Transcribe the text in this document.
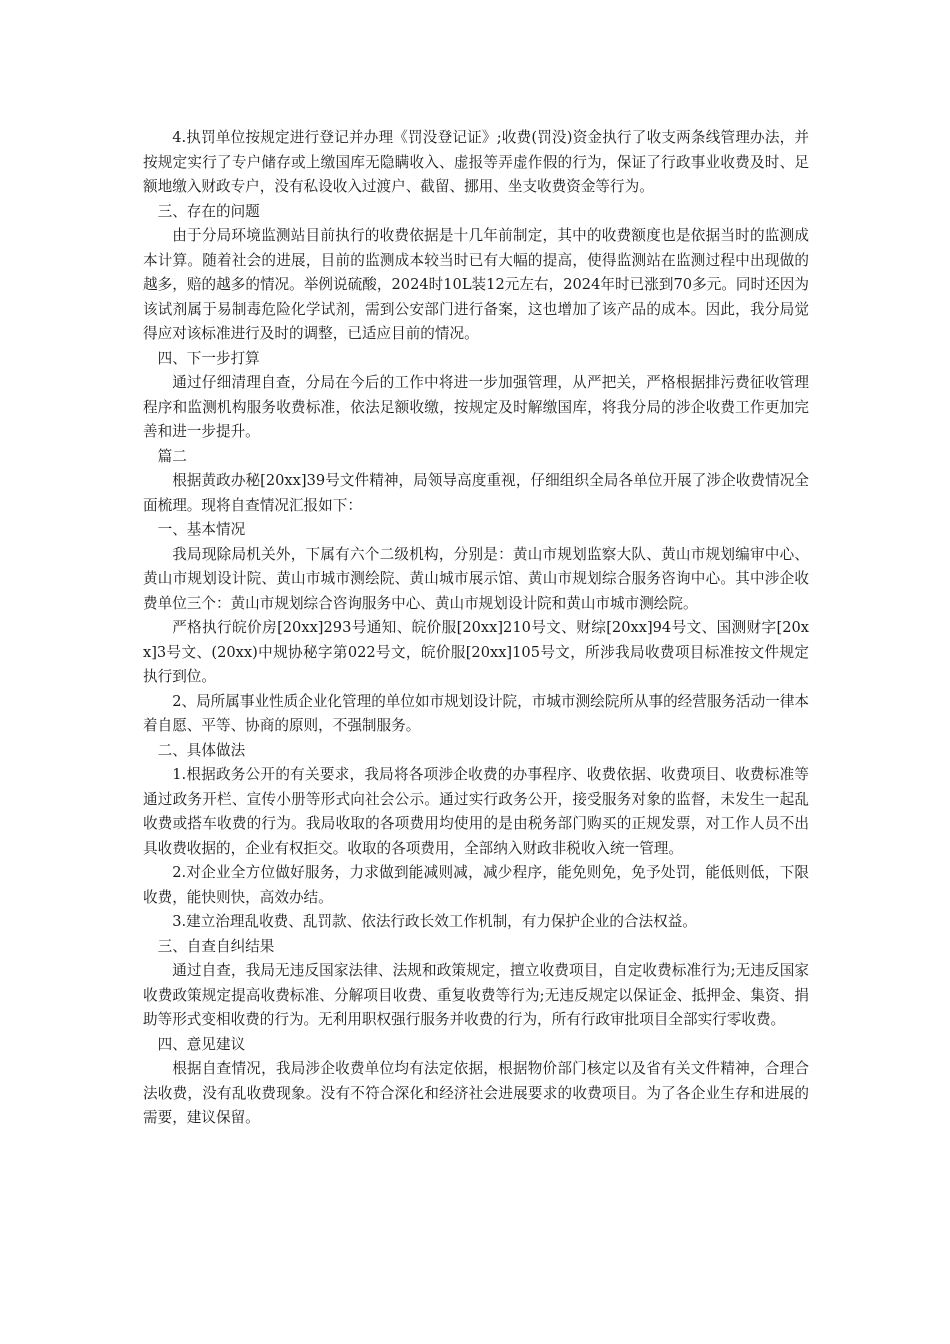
4.执罚单位按规定进行登记并办理《罚没登记证》;收费(罚没)资金执行了收支两条线管理办法，并按规定实行了专户储存或上缴国库无隐瞒收入、虚报等弄虚作假的行为，保证了行政事业收费及时、足额地缴入财政专户，没有私设收入过渡户、截留、挪用、坐支收费资金等行为。

三、存在的问题

由于分局环境监测站目前执行的收费依据是十几年前制定，其中的收费额度也是依据当时的监测成本计算。随着社会的进展，目前的监测成本较当时已有大幅的提高，使得监测站在监测过程中出现做的越多，赔的越多的情况。举例说硫酸，2024时10L装12元左右，2024年时已涨到70多元。同时还因为该试剂属于易制毒危险化学试剂，需到公安部门进行备案，这也增加了该产品的成本。因此，我分局觉得应对该标准进行及时的调整，已适应目前的情况。

四、下一步打算

通过仔细清理自查，分局在今后的工作中将进一步加强管理，从严把关，严格根据排污费征收管理程序和监测机构服务收费标准，依法足额收缴，按规定及时解缴国库，将我分局的涉企收费工作更加完善和进一步提升。

篇二

根据黄政办秘[20xx]39号文件精神，局领导高度重视，仔细组织全局各单位开展了涉企收费情况全面梳理。现将自查情况汇报如下：

一、基本情况

我局现除局机关外，下属有六个二级机构，分别是：黄山市规划监察大队、黄山市规划编审中心、黄山市规划设计院、黄山市城市测绘院、黄山城市展示馆、黄山市规划综合服务咨询中心。其中涉企收费单位三个：黄山市规划综合咨询服务中心、黄山市规划设计院和黄山市城市测绘院。

严格执行皖价房[20xx]293号通知、皖价服[20xx]210号文、财综[20xx]94号文、国测财字[20xx]3号文、(20xx)中规协秘字第022号文，皖价服[20xx]105号文，所涉我局收费项目标准按文件规定执行到位。

2、局所属事业性质企业化管理的单位如市规划设计院，市城市测绘院所从事的经营服务活动一律本着自愿、平等、协商的原则，不强制服务。

二、具体做法

1.根据政务公开的有关要求，我局将各项涉企收费的办事程序、收费依据、收费项目、收费标准等通过政务开栏、宣传小册等形式向社会公示。通过实行政务公开，接受服务对象的监督，未发生一起乱收费或搭车收费的行为。我局收取的各项费用均使用的是由税务部门购买的正规发票，对工作人员不出具收费收据的，企业有权拒交。收取的各项费用，全部纳入财政非税收入统一管理。

2.对企业全方位做好服务，力求做到能减则减，减少程序，能免则免，免予处罚，能低则低，下限收费，能快则快，高效办结。

3.建立治理乱收费、乱罚款、依法行政长效工作机制，有力保护企业的合法权益。

三、自查自纠结果

通过自查，我局无违反国家法律、法规和政策规定，擅立收费项目，自定收费标准行为;无违反国家收费政策规定提高收费标准、分解项目收费、重复收费等行为;无违反规定以保证金、抵押金、集资、捐助等形式变相收费的行为。无利用职权强行服务并收费的行为，所有行政审批项目全部实行零收费。

四、意见建议

根据自查情况，我局涉企收费单位均有法定依据，根据物价部门核定以及省有关文件精神，合理合法收费，没有乱收费现象。没有不符合深化和经济社会进展要求的收费项目。为了各企业生存和进展的需要，建议保留。
